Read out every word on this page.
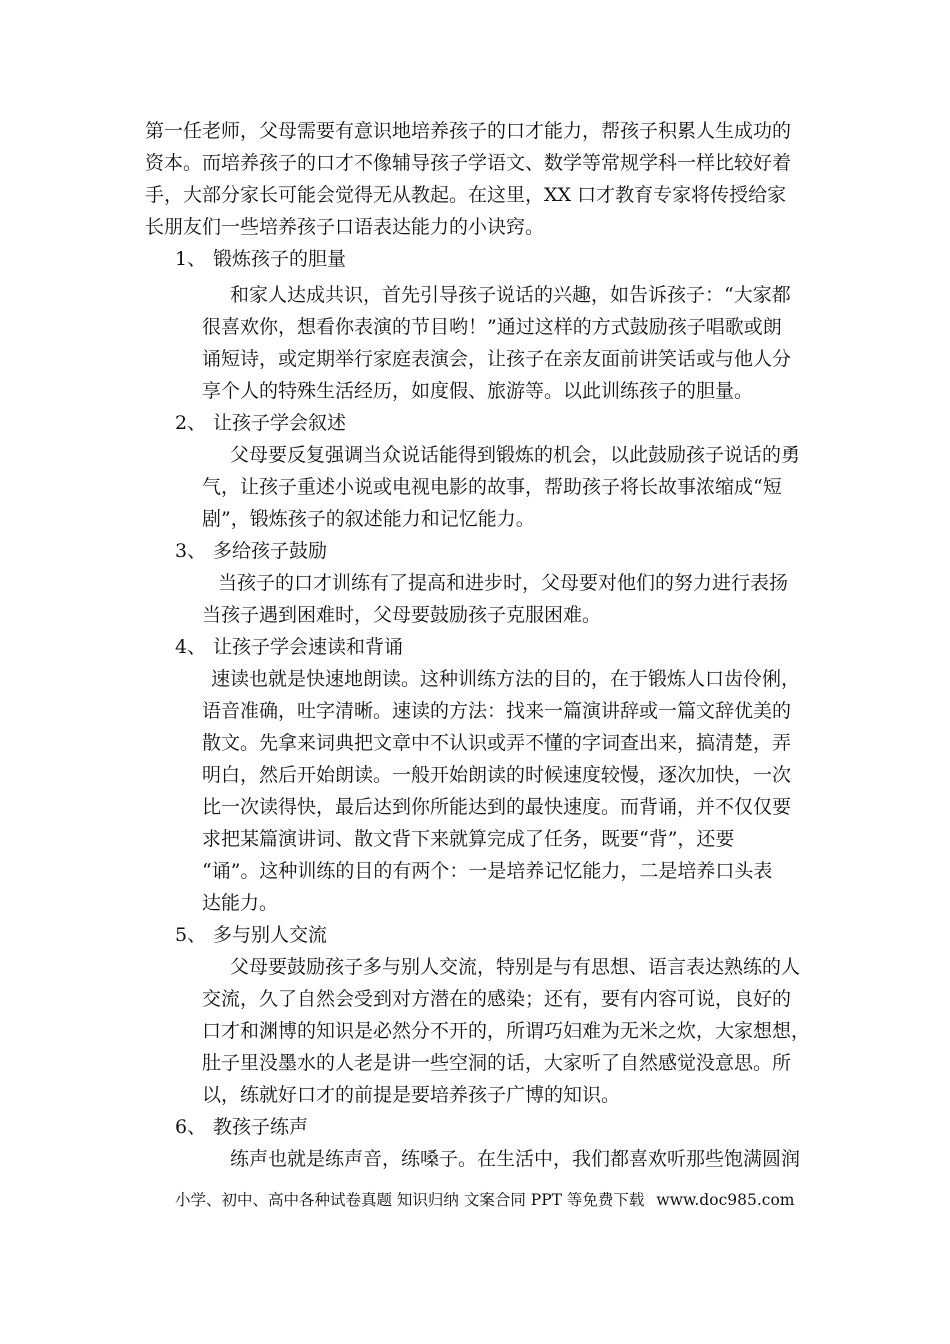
第一任老师，父母需要有意识地培养孩子的口才能力，帮孩子积累人生成功的
资本。而培养孩子的口才不像辅导孩子学语文、数学等常规学科一样比较好着
手，大部分家长可能会觉得无从教起。在这里，XX 口才教育专家将传授给家
长朋友们一些培养孩子口语表达能力的小诀窍。
1、 锻炼孩子的胆量
和家人达成共识，首先引导孩子说话的兴趣，如告诉孩子：“大家都
很喜欢你，想看你表演的节目哟！”通过这样的方式鼓励孩子唱歌或朗
诵短诗，或定期举行家庭表演会，让孩子在亲友面前讲笑话或与他人分
享个人的特殊生活经历，如度假、旅游等。以此训练孩子的胆量。
2、 让孩子学会叙述
父母要反复强调当众说话能得到锻炼的机会，以此鼓励孩子说话的勇
气，让孩子重述小说或电视电影的故事，帮助孩子将长故事浓缩成“短
剧”，锻炼孩子的叙述能力和记忆能力。
3、 多给孩子鼓励
当孩子的口才训练有了提高和进步时，父母要对他们的努力进行表扬
当孩子遇到困难时，父母要鼓励孩子克服困难。
4、 让孩子学会速读和背诵
速读也就是快速地朗读。这种训练方法的目的，在于锻炼人口齿伶俐，
语音准确，吐字清晰。速读的方法：找来一篇演讲辞或一篇文辞优美的
散文。先拿来词典把文章中不认识或弄不懂的字词查出来，搞清楚，弄
明白，然后开始朗读。一般开始朗读的时候速度较慢，逐次加快，一次
比一次读得快，最后达到你所能达到的最快速度。而背诵，并不仅仅要
求把某篇演讲词、散文背下来就算完成了任务，既要“背”，还要
“诵”。这种训练的目的有两个：一是培养记忆能力，二是培养口头表
达能力。
5、 多与别人交流
父母要鼓励孩子多与别人交流，特别是与有思想、语言表达熟练的人
交流，久了自然会受到对方潜在的感染；还有，要有内容可说，良好的
口才和渊博的知识是必然分不开的，所谓巧妇难为无米之炊，大家想想，
肚子里没墨水的人老是讲一些空洞的话，大家听了自然感觉没意思。所
以，练就好口才的前提是要培养孩子广博的知识。
6、 教孩子练声
练声也就是练声音，练嗓子。在生活中，我们都喜欢听那些饱满圆润
小学、初中、高中各种试卷真题 知识归纳 文案合同 PPT 等免费下载 www.doc985.com
